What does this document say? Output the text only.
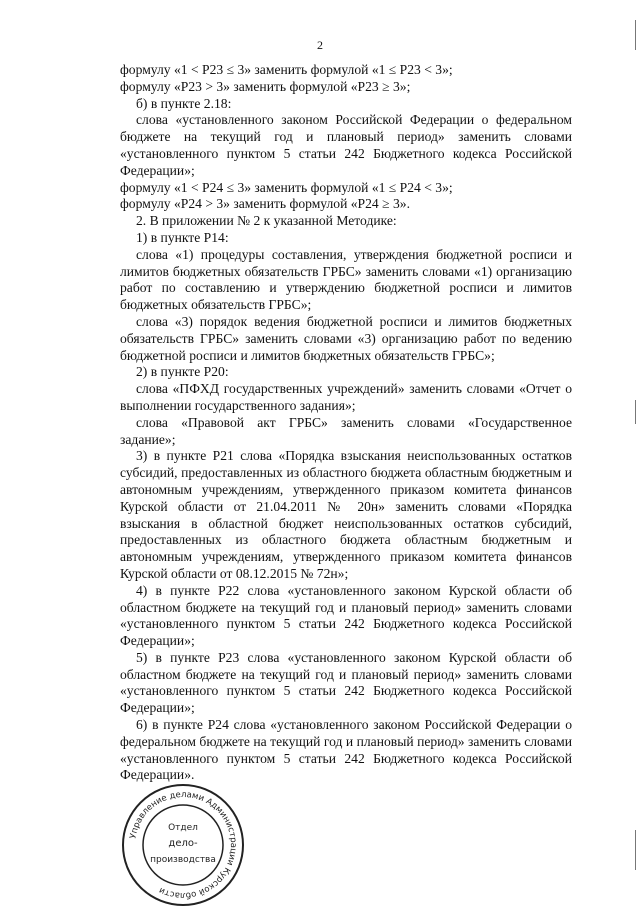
2

формулу «1 < Р23 ≤ 3» заменить формулой «1 ≤ Р23 < 3»;

формулу «Р23 > 3» заменить формулой «Р23 ≥ 3»;

б) в пункте 2.18:

слова «установленного законом Российской Федерации о федеральном бюджете на текущий год и плановый период» заменить словами «установленного пунктом 5 статьи 242 Бюджетного кодекса Российской Федерации»;

формулу «1 < Р24 ≤ 3» заменить формулой «1 ≤ Р24 < 3»;

формулу «Р24 > 3» заменить формулой «Р24 ≥ 3».

2. В приложении № 2 к указанной Методике:

1) в пункте Р14:

слова «1) процедуры составления, утверждения бюджетной росписи и лимитов бюджетных обязательств ГРБС» заменить словами «1) организацию работ по составлению и утверждению бюджетной росписи и лимитов бюджетных обязательств ГРБС»;

слова «3) порядок ведения бюджетной росписи и лимитов бюджетных обязательств ГРБС» заменить словами «3) организацию работ по ведению бюджетной росписи и лимитов бюджетных обязательств ГРБС»;

2) в пункте Р20:

слова «ПФХД государственных учреждений» заменить словами «Отчет о выполнении государственного задания»;

слова «Правовой акт ГРБС» заменить словами «Государственное задание»;

3) в пункте Р21 слова «Порядка взыскания неиспользованных остатков субсидий, предоставленных из областного бюджета областным бюджетным и автономным учреждениям, утвержденного приказом комитета финансов Курской области от 21.04.2011 № 20н» заменить словами «Порядка взыскания в областной бюджет неиспользованных остатков субсидий, предоставленных из областного бюджета областным бюджетным и автономным учреждениям, утвержденного приказом комитета финансов Курской области от 08.12.2015 № 72н»;

4) в пункте Р22 слова «установленного законом Курской области об областном бюджете на текущий год и плановый период» заменить словами «установленного пунктом 5 статьи 242 Бюджетного кодекса Российской Федерации»;

5) в пункте Р23 слова «установленного законом Курской области об областном бюджете на текущий год и плановый период» заменить словами «установленного пунктом 5 статьи 242 Бюджетного кодекса Российской Федерации»;

6) в пункте Р24 слова «установленного законом Российской Федерации о федеральном бюджете на текущий год и плановый период» заменить словами «установленного пунктом 5 статьи 242 Бюджетного кодекса Российской Федерации».

Управление делами Администрации Курской области
Отдел
дело-
производства
